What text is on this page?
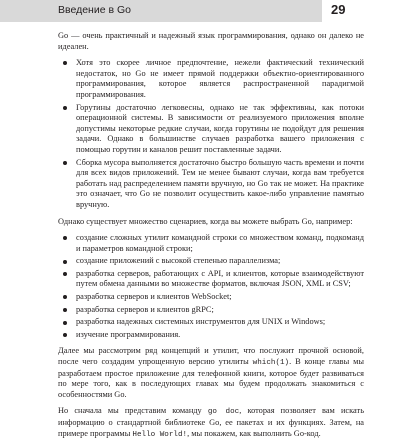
Введение в Go	29

Go — очень практичный и надежный язык программирования, однако он далеко не идеален.

Хотя это скорее личное предпочтение, нежели фактический технический недостаток, но Go не имеет прямой поддержки объектно-ориентированного программирования, которое является распространенной парадигмой программирования.
Горутины достаточно легковесны, однако не так эффективны, как потоки операционной системы. В зависимости от реализуемого приложения вполне допустимы некоторые редкие случаи, когда горутины не подойдут для решения задачи. Однако в большинстве случаев разработка вашего приложения с помощью горутин и каналов решит поставленные задачи.
Сборка мусора выполняется достаточно быстро большую часть времени и почти для всех видов приложений. Тем не менее бывают случаи, когда вам требуется работать над распределением памяти вручную, но Go так не может. На практике это означает, что Go не позволит осуществить какое-либо управление памятью вручную.

Однако существует множество сценариев, когда вы можете выбрать Go, например:

создание сложных утилит командной строки со множеством команд, подкоманд и параметров командной строки;
создание приложений с высокой степенью параллелизма;
разработка серверов, работающих с API, и клиентов, которые взаимодействуют путем обмена данными во множестве форматов, включая JSON, XML и CSV;
разработка серверов и клиентов WebSocket;
разработка серверов и клиентов gRPC;
разработка надежных системных инструментов для UNIX и Windows;
изучение программирования.

Далее мы рассмотрим ряд концепций и утилит, что послужит прочной основой, после чего создадим упрощенную версию утилиты which(1). В конце главы мы разработаем простое приложение для телефонной книги, которое будет развиваться по мере того, как в последующих главах мы будем продолжать знакомиться с особенностями Go.

Но сначала мы представим команду go doc, которая позволяет вам искать информацию о стандартной библиотеке Go, ее пакетах и их функциях. Затем, на примере программы Hello World!, мы покажем, как выполнить Go-код.
